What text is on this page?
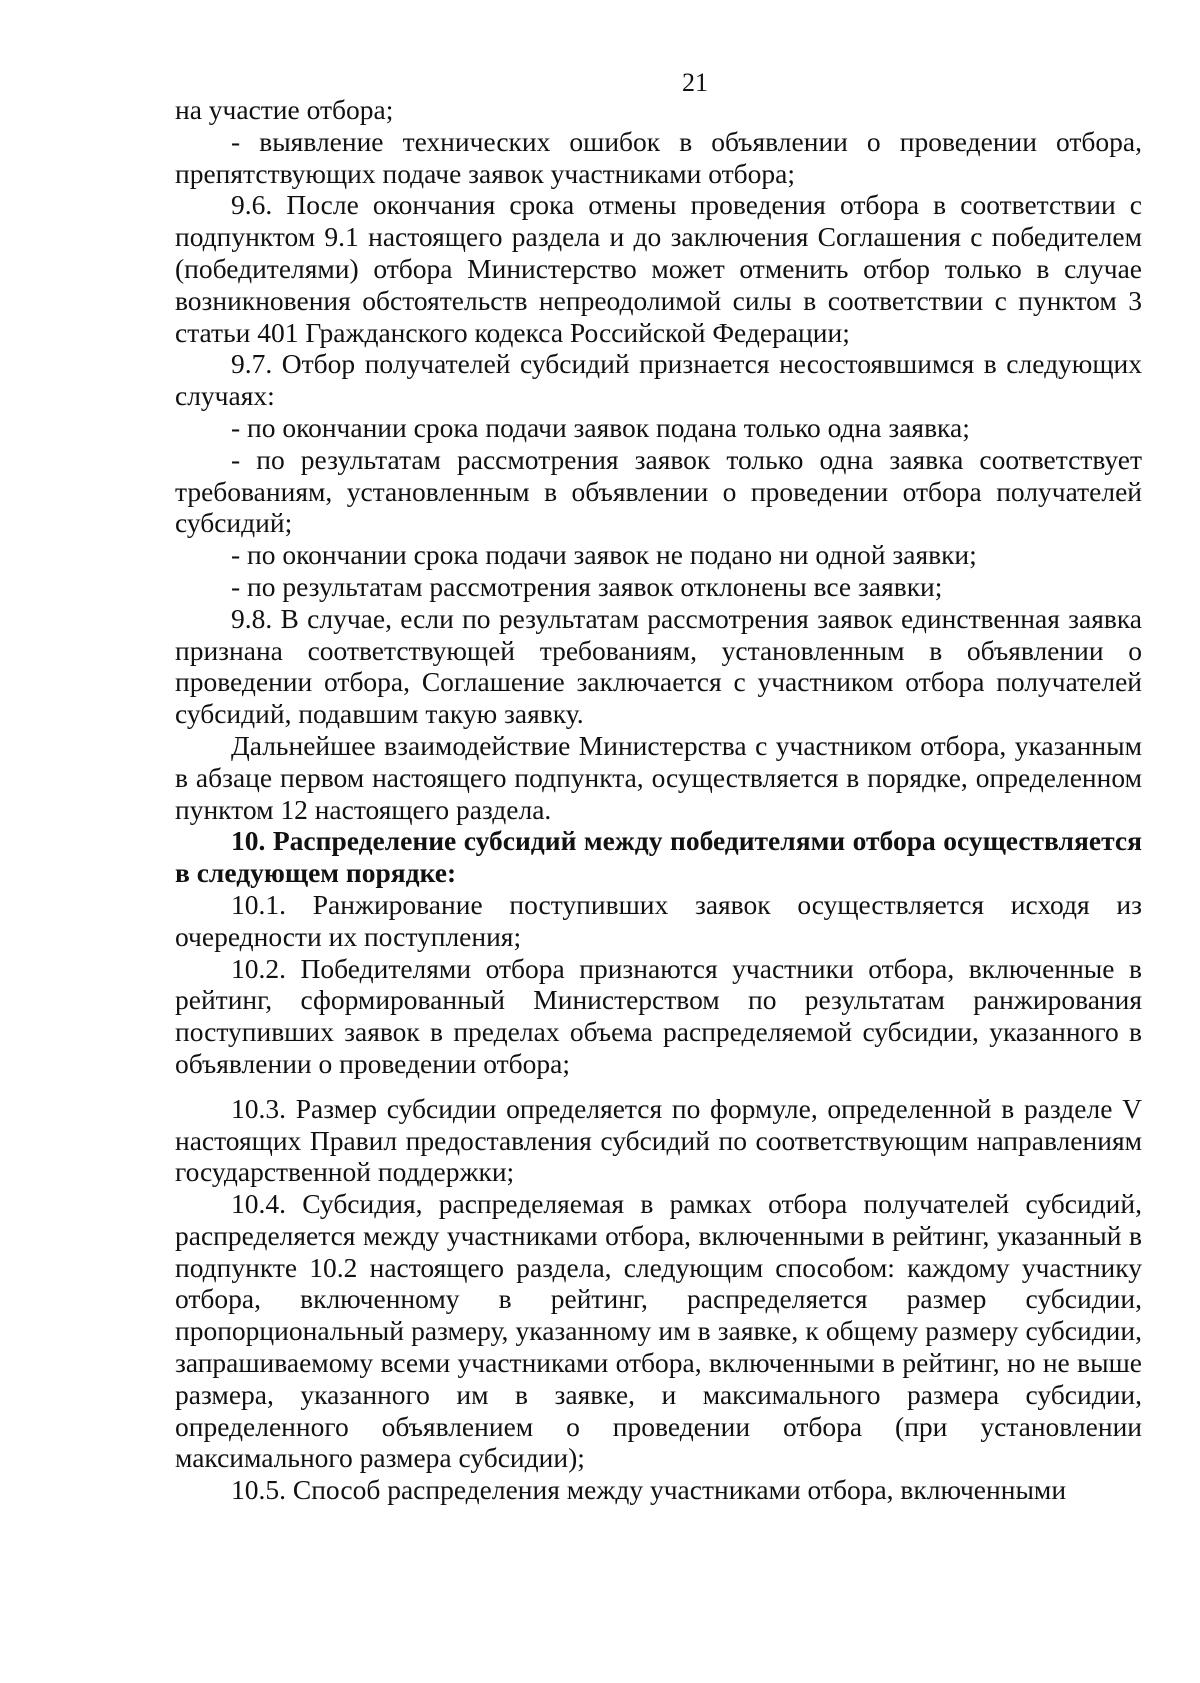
21

на участие отбора;

- выявление технических ошибок в объявлении о проведении отбора, препятствующих подаче заявок участниками отбора;

9.6. После окончания срока отмены проведения отбора в соответствии с подпунктом 9.1 настоящего раздела и до заключения Соглашения с победителем (победителями) отбора Министерство может отменить отбор только в случае возникновения обстоятельств непреодолимой силы в соответствии с пунктом 3 статьи 401 Гражданского кодекса Российской Федерации;

9.7. Отбор получателей субсидий признается несостоявшимся в следующих случаях:

- по окончании срока подачи заявок подана только одна заявка;

- по результатам рассмотрения заявок только одна заявка соответствует требованиям, установленным в объявлении о проведении отбора получателей субсидий;

- по окончании срока подачи заявок не подано ни одной заявки;

- по результатам рассмотрения заявок отклонены все заявки;

9.8. В случае, если по результатам рассмотрения заявок единственная заявка признана соответствующей требованиям, установленным в объявлении о проведении отбора, Соглашение заключается с участником отбора получателей субсидий, подавшим такую заявку.

Дальнейшее взаимодействие Министерства с участником отбора, указанным в абзаце первом настоящего подпункта, осуществляется в порядке, определенном пунктом 12 настоящего раздела.

10. Распределение субсидий между победителями отбора осуществляется в следующем порядке:

10.1. Ранжирование поступивших заявок осуществляется исходя из очередности их поступления;

10.2. Победителями отбора признаются участники отбора, включенные в рейтинг, сформированный Министерством по результатам ранжирования поступивших заявок в пределах объема распределяемой субсидии, указанного в объявлении о проведении отбора;

10.3. Размер субсидии определяется по формуле, определенной в разделе V настоящих Правил предоставления субсидий по соответствующим направлениям государственной поддержки;

10.4. Субсидия, распределяемая в рамках отбора получателей субсидий, распределяется между участниками отбора, включенными в рейтинг, указанный в подпункте 10.2 настоящего раздела, следующим способом: каждому участнику отбора, включенному в рейтинг, распределяется размер субсидии, пропорциональный размеру, указанному им в заявке, к общему размеру субсидии, запрашиваемому всеми участниками отбора, включенными в рейтинг, но не выше размера, указанного им в заявке, и максимального размера субсидии, определенного объявлением о проведении отбора (при установлении максимального размера субсидии);

10.5. Способ распределения между участниками отбора, включенными
